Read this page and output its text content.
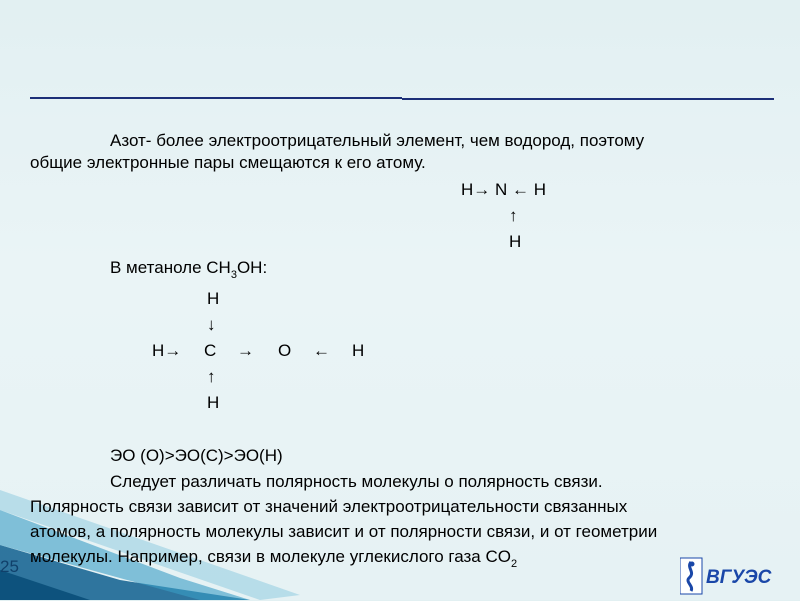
Азот- более электроотрицательный элемент, чем водород, поэтому
общие электронные пары смещаются к его атому.
H→ N ← H
↑
H
В метаноле $CH_3OH$:
H
↓
H→ C → O ← H
↑
H
ЭО (О)>ЭО(С)>ЭО(Н)
Следует различать полярность молекулы о полярность связи.
Полярность связи зависит от значений электроотрицательности связанных
атомов, а полярность молекулы зависит и от полярности связи, и от геометрии
молекулы. Например, связи в молекуле углекислого газа $CO_2$
25
ВГУЭС
